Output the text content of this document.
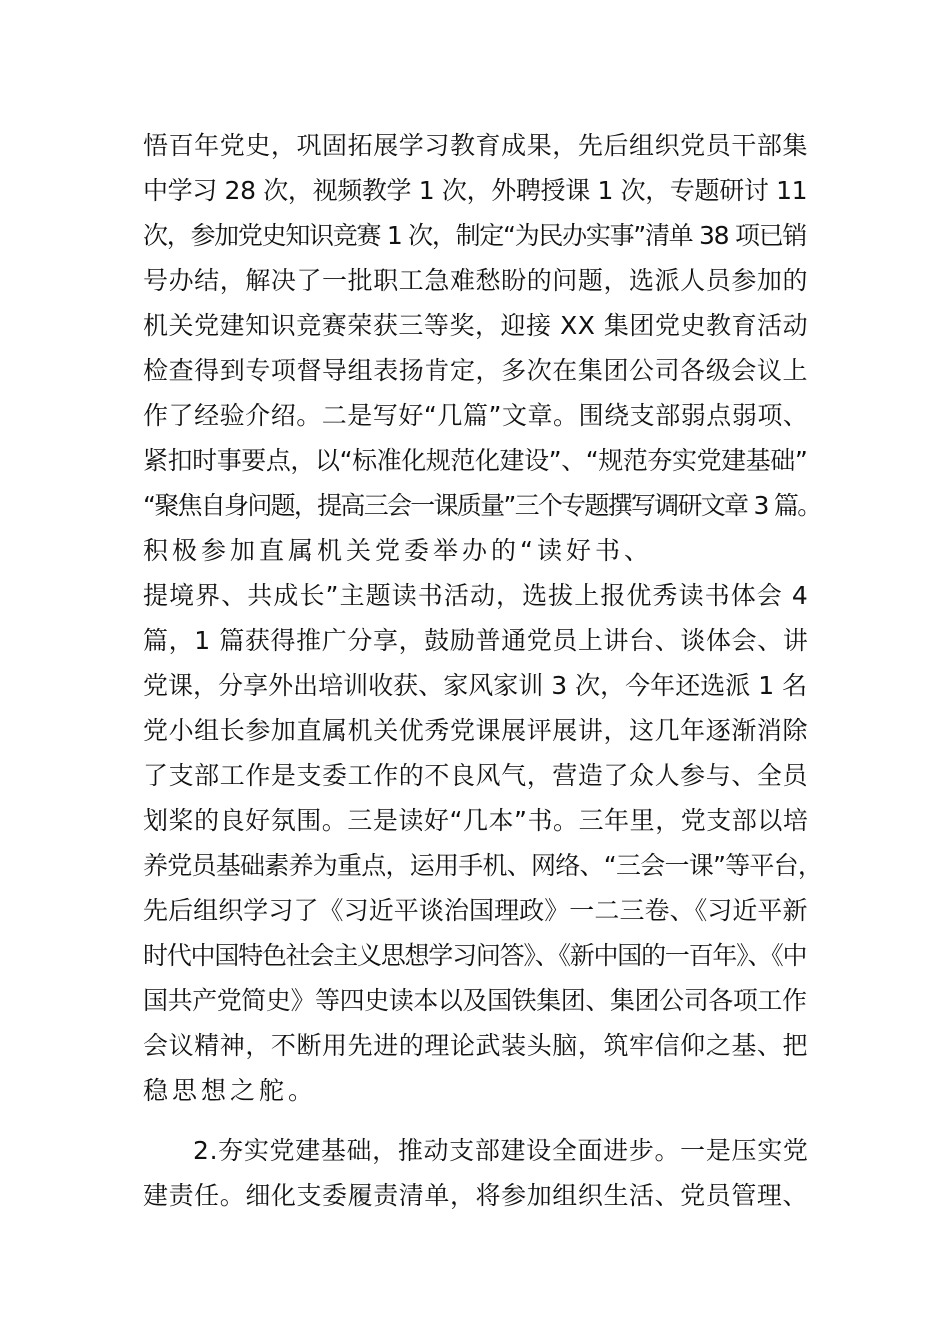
悟百年党史，巩固拓展学习教育成果，先后组织党员干部集
中学习 28 次，视频教学 1 次，外聘授课 1 次，专题研讨 11
次，参加党史知识竞赛 1 次，制定“为民办实事”清单 38 项已销
号办结，解决了一批职工急难愁盼的问题，选派人员参加的
机关党建知识竞赛荣获三等奖，迎接 XX 集团党史教育活动
检查得到专项督导组表扬肯定，多次在集团公司各级会议上
作了经验介绍。二是写好“几篇”文章。围绕支部弱点弱项、
紧扣时事要点，以“标准化规范化建设”、“规范夯实党建基础”
“聚焦自身问题，提高三会一课质量”三个专题撰写调研文章 3 篇。
积极参加直属机关党委举办的“读好书、
提境界、共成长”主题读书活动，选拔上报优秀读书体会 4
篇，1 篇获得推广分享，鼓励普通党员上讲台、谈体会、讲
党课，分享外出培训收获、家风家训 3 次，今年还选派 1 名
党小组长参加直属机关优秀党课展评展讲，这几年逐渐消除
了支部工作是支委工作的不良风气，营造了众人参与、全员
划桨的良好氛围。三是读好“几本”书。三年里，党支部以培
养党员基础素养为重点，运用手机、网络、“三会一课”等平台，
先后组织学习了《习近平谈治国理政》一二三卷、《习近平新
时代中国特色社会主义思想学习问答》、《新中国的一百年》、《中
国共产党简史》等四史读本以及国铁集团、集团公司各项工作
会议精神，不断用先进的理论武装头脑，筑牢信仰之基、把
稳思想之舵。
2.夯实党建基础，推动支部建设全面进步。一是压实党
建责任。细化支委履责清单，将参加组织生活、党员管理、
